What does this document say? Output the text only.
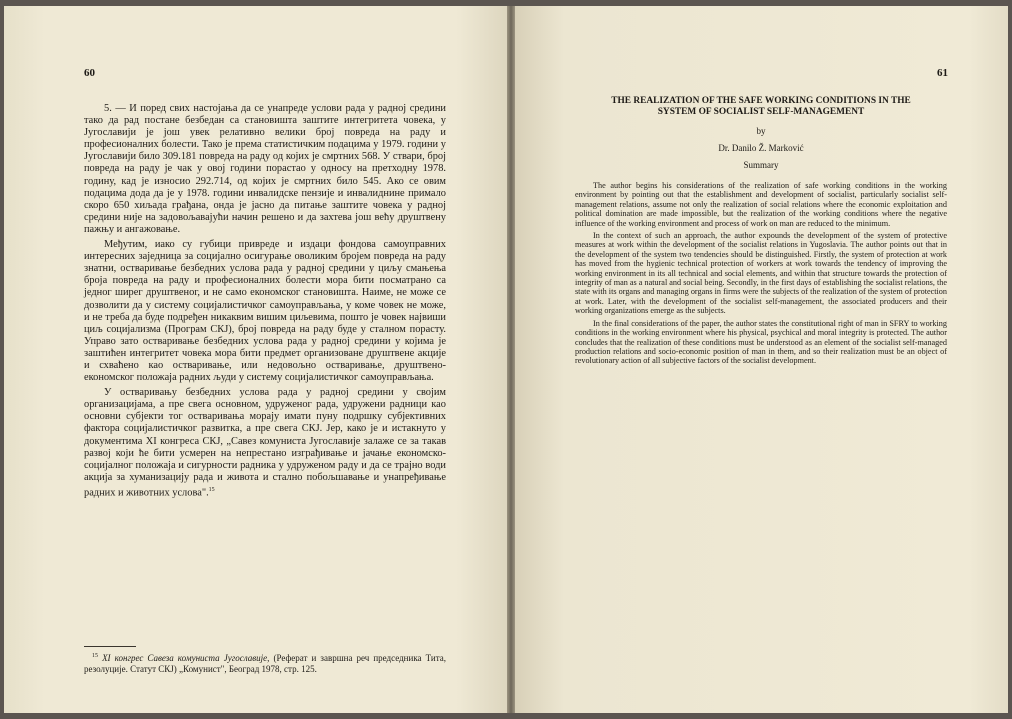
60

5. — И поред свих настојања да се унапреде услови рада у радној средини тако да рад постане безбедан са становишта заштите интегритета човека, у Југославији је још увек релативно велики број повреда на раду и професионалних болести. Тако је према статистичким подацима у 1979. години у Југославији било 309.181 повреда на раду од којих је смртних 568. У ствари, број повреда на раду је чак у овој години порастао у односу на претходну 1978. годину, кад је износио 292.714, од којих је смртних било 545. Ако се овим подацима дода да је у 1978. години инвалидске пензије и инвалиднине примало скоро 650 хиљада грађана, онда је јасно да питање заштите човека у радној средини није на задовољавајући начин решено и да захтева још већу друштвену пажњу и ангажовање.

Међутим, иако су губици привреде и издаци фондова самоуправних интересних заједница за социјално осигурање оволиким бројем повреда на раду знатни, остваривање безбедних услова рада у радној средини у циљу смањења броја повреда на раду и професионалних болести мора бити посматрано са једног ширег друштвеног, и не само економског становишта. Наиме, не може се дозволити да у систему социјалистичког самоуправљања, у коме човек не може, и не треба да буде подређен никаквим вишим циљевима, пошто је човек највиши циљ социјализма (Програм СКЈ), број повреда на раду буде у сталном порасту. Управо зато остваривање безбедних услова рада у радној средини у којима је заштићен интегритет човека мора бити предмет организоване друштвене акције и схваћено као остваривање, или недовољно остваривање, друштвено-економског положаја радних људи у систему социјалистичког самоуправљања.

У остваривању безбедних услова рада у радној средини у својим организацијама, а пре свега основном, удруженог рада, удружени радници као основни субјекти тог остваривања морају имати пуну подршку субјективних фактора социјалистичког развитка, а пре свега СКЈ. Јер, како је и истакнуто у документима XI конгреса СКЈ, „Савез комуниста Југославије залаже се за такав развој који ће бити усмерен на непрестано изграђивање и јачање економско-социјалног положаја и сигурности радника у удруженом раду и да се трајно води акција за хуманизацију рада и живота и стално побољшавање и унапређивање радних и животних услова".$^{15}$

$^{15}$ XI конгрес Савеза комуниста Југославије, (Реферат и завршна реч председника Тита, резолуције. Статут СКЈ) „Комунист", Београд 1978, стр. 125.
61
THE REALIZATION OF THE SAFE WORKING CONDITIONS IN THE
SYSTEM OF SOCIALIST SELF-MANAGEMENT
by
Dr. Danilo Ž. Marković
Summary

The author begins his considerations of the realization of safe working conditions in the working environment by pointing out that the establishment and development of socialist, particularly socialist self-management relations, assume not only the realization of social relations where the economic exploitation and political domination are made impossible, but the realization of the working conditions where the negative influence of the working environment and process of work on man are reduced to the minimum.

In the context of such an approach, the author expounds the development of the system of protective measures at work within the development of the socialist relations in Yugoslavia. The author points out that in the development of the system two tendencies should be distinguished. Firstly, the system of protection at work has moved from the hygienic technical protection of workers at work towards the tendency of improving the working environment in its all technical and social elements, and within that structure towards the protection of integrity of man as a natural and social being. Secondly, in the first days of establishing the socialist relations, the state with its organs and managing organs in firms were the subjects of the realization of the system of protection at work. Later, with the development of the socialist self-management, the associated producers and their working organizations emerge as the subjects.

In the final considerations of the paper, the author states the constitutional right of man in SFRY to working conditions in the working environment where his physical, psychical and moral integrity is protected. The author concludes that the realization of these conditions must be understood as an element of the socialist self-managed production relations and socio-economic position of man in them, and so their realization must be an object of revolutionary action of all subjective factors of the socialist development.
